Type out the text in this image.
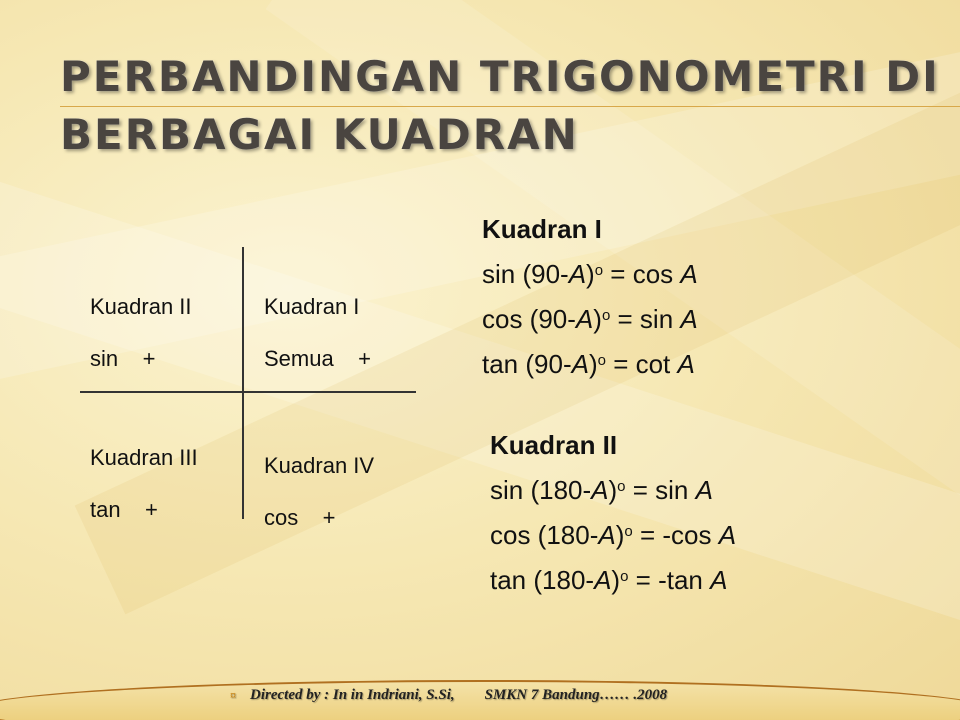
PERBANDINGAN TRIGONOMETRI DI BERBAGAI KUADRAN
Kuadran II
sin    +
Kuadran I
Semua    +
Kuadran III
tan    +
Kuadran IV
cos    +
Kuadran I
$\sin (90-A)^o = \cos A$
$\cos (90-A)^o = \sin A$
$\tan (90-A)^o = \cot A$
Kuadran II
$\sin (180-A)^o = \sin A$
$\cos (180-A)^o = -\cos$ A
$\tan (180-A)^o = -\tan$ A
¤ Directed by : In in Indriani, S.Si, SMKN 7 Bandung…… .2008
